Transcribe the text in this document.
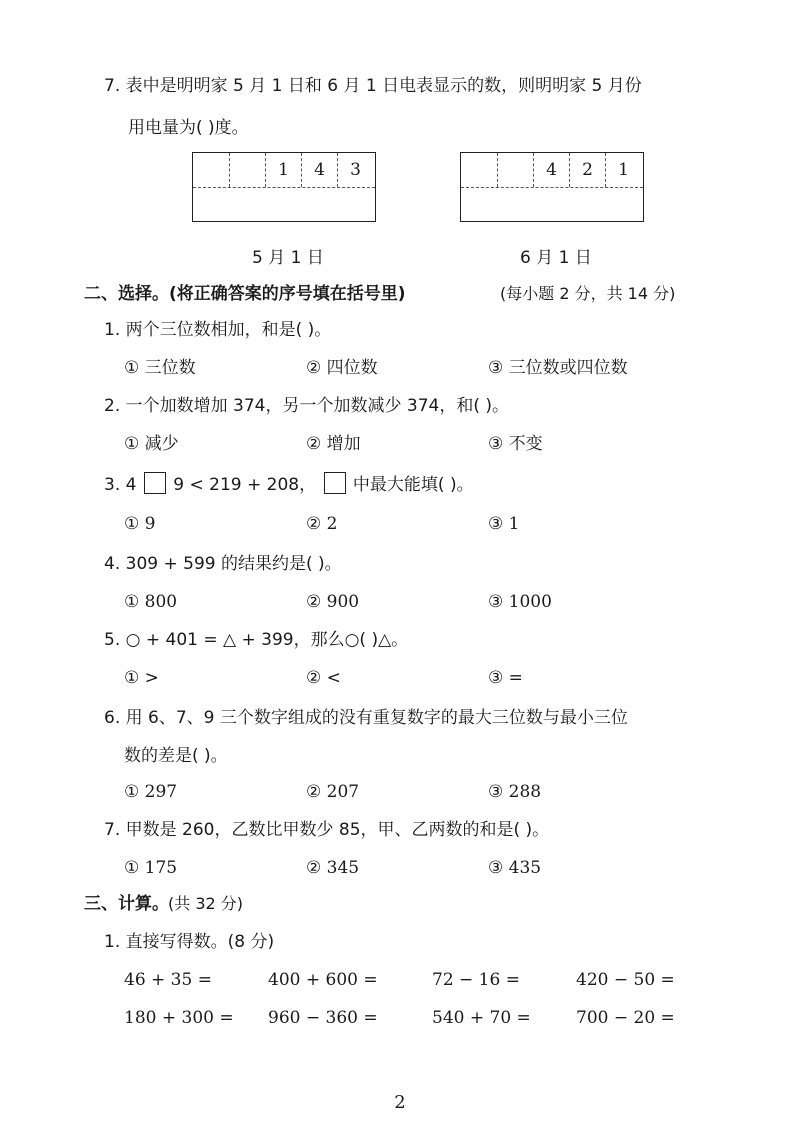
7. 表中是明明家 5 月 1 日和 6 月 1 日电表显示的数，则明明家 5 月份
用电量为( )度。
1	4	3
5 月 1 日
4	2	1
6 月 1 日
二、选择。(将正确答案的序号填在括号里)	(每小题 2 分，共 14 分)
1. 两个三位数相加，和是( )。
① 三位数	② 四位数	③ 三位数或四位数
2. 一个加数增加 374，另一个加数减少 374，和( )。
① 减少	② 增加	③ 不变
3. 4 9 < 219 + 208， 中最大能填( )。
① 9	② 2	③ 1
4. 309 + 599 的结果约是( )。
① 800	② 900	③ 1000
5. ○ + 401 = △ + 399，那么○( )△。
① >	② <	③ =
6. 用 6、7、9 三个数字组成的没有重复数字的最大三位数与最小三位
数的差是( )。
① 297	② 207	③ 288
7. 甲数是 260，乙数比甲数少 85，甲、乙两数的和是( )。
① 175	② 345	③ 435
三、计算。 (共 32 分)
1. 直接写得数。(8 分)
46 + 35 =	400 + 600 =	72 − 16 =	420 − 50 =
180 + 300 = 960 − 360 =	540 + 70 =	700 − 20 =
2
